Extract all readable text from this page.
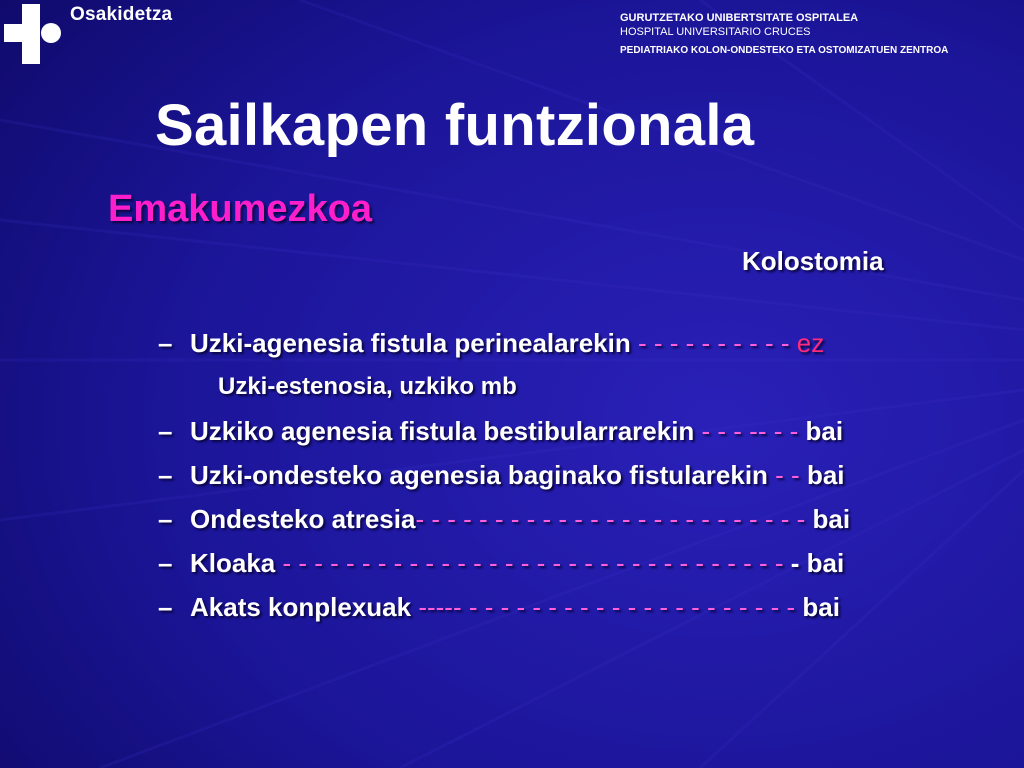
Osakidetza	GURUTZETAKO UNIBERTSITATE OSPITALEA
HOSPITAL UNIVERSITARIO CRUCES
PEDIATRIAKO KOLON-ONDESTEKO ETA OSTOMIZATUEN ZENTROA
Sailkapen funtzionala
Emakumezkoa
Kolostomia
– Uzki-agenesia fistula perinealarekin - - - - - - - - - - ez
Uzki-estenosia, uzkiko mb
– Uzkiko agenesia fistula bestibularrarekin - - - -- - - bai
– Uzki-ondesteko agenesia baginako fistularekin - - bai
– Ondesteko atresia- - - - - - - - - - - - - - - - - - - - - - - - - bai
– Kloaka - - - - - - - - - - - - - - - - - - - - - - - - - - - - - - - - - bai
– Akats konplexuak ----- - - - - - - - - - - - - - - - - - - - - - bai
